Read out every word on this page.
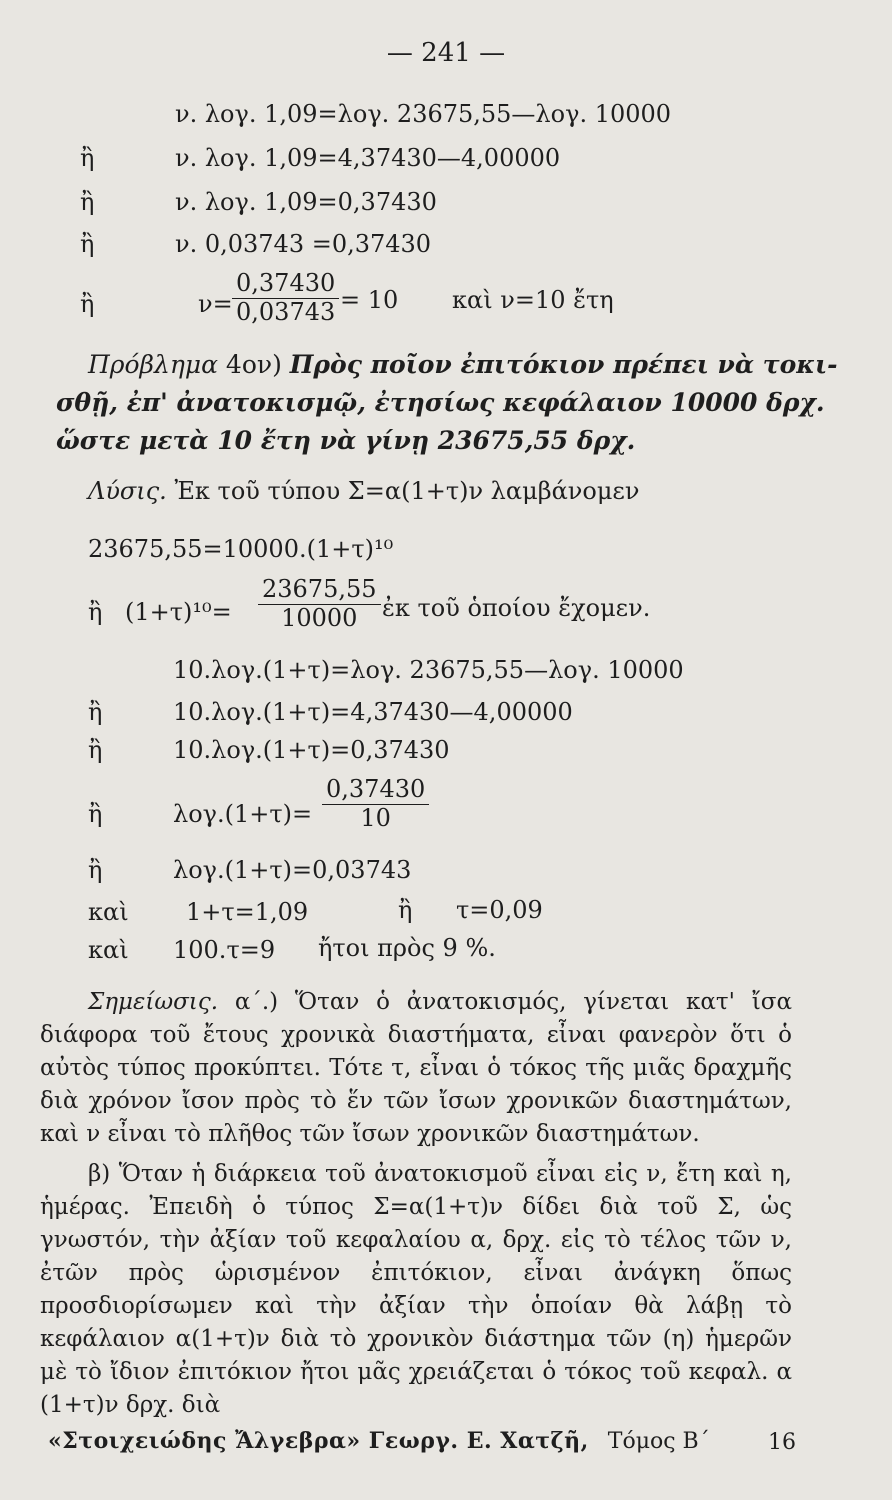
— 241 —
ν. λογ. 1,09=λογ. 23675,55—λογ. 10000
ἢ	ν. λογ. 1,09=4,37430—4,00000
ἢ	ν. λογ. 1,09=0,37430
ἢ	ν. 0,03743 =0,37430
ἢ	$\nu= \frac{0,37430}{0,03743} = 10$ καὶ ν=10 ἔτη
Πρόβλημα 4ον) Πρὸς ποῖον ἐπιτόκιον πρέπει νὰ τοκι-
σθῇ, ἐπ' ἀνατοκισμῷ, ἐτησίως κεφάλαιον 10000 δρχ.
ὥστε μετὰ 10 ἔτη νὰ γίνῃ 23675,55 δρχ.
Λύσις. Ἐκ τοῦ τύπου Σ=α(1+τ)ν λαμβάνομεν
23675,55=10000.(1+τ)¹⁰
ἢ $(1+\tau)^{10}= \frac{23675,55}{10000}$ ἐκ τοῦ ὁποίου ἔχομεν.
10.λογ.(1+τ)=λογ. 23675,55—λογ. 10000
ἢ	10.λογ.(1+τ)=4,37430—4,00000
ἢ	10.λογ.(1+τ)=0,37430
ἢ	$\lambda o\gamma.(1+\tau)= \frac{0,37430}{10}$
ἢ	λογ.(1+τ)=0,03743
καὶ 1+τ=1,09	ἢ τ=0,09
καὶ 100.τ=9 ἤτοι πρὸς 9 %.

Σημείωσις. α΄.) Ὅταν ὁ ἀνατοκισμός, γίνεται κατ' ἴσα διάφορα τοῦ ἔτους χρονικὰ διαστήματα, εἶναι φανερὸν ὅτι ὁ αὐτὸς τύπος προκύπτει. Τότε τ, εἶναι ὁ τόκος τῆς μιᾶς δραχμῆς διὰ χρόνον ἴσον πρὸς τὸ ἕν τῶν ἴσων χρονικῶν διαστημάτων, καὶ ν εἶναι τὸ πλῆθος τῶν ἴσων χρονικῶν διαστημάτων.

β) Ὅταν ἡ διάρκεια τοῦ ἀνατοκισμοῦ εἶναι εἰς ν, ἔτη καὶ η, ἡμέρας. Ἐπειδὴ ὁ τύπος Σ=α(1+τ)ν δίδει διὰ τοῦ Σ, ὡς γνωστόν, τὴν ἀξίαν τοῦ κεφαλαίου α, δρχ. εἰς τὸ τέλος τῶν ν, ἐτῶν πρὸς ὡρισμένον ἐπιτόκιον, εἶναι ἀνάγκη ὅπως προσδιορίσωμεν καὶ τὴν ἀξίαν τὴν ὁποίαν θὰ λάβῃ τὸ κεφάλαιον α(1+τ)ν διὰ τὸ χρονικὸν διάστημα τῶν (η) ἡμερῶν μὲ τὸ ἴδιον ἐπιτόκιον ἤτοι μᾶς χρειάζεται ὁ τόκος τοῦ κεφαλ. α (1+τ)ν δρχ. διὰ

«Στοιχειώδης Ἄλγεβρα» Γεωργ. Ε. Χατζῆ, Τόμος Β΄	16
